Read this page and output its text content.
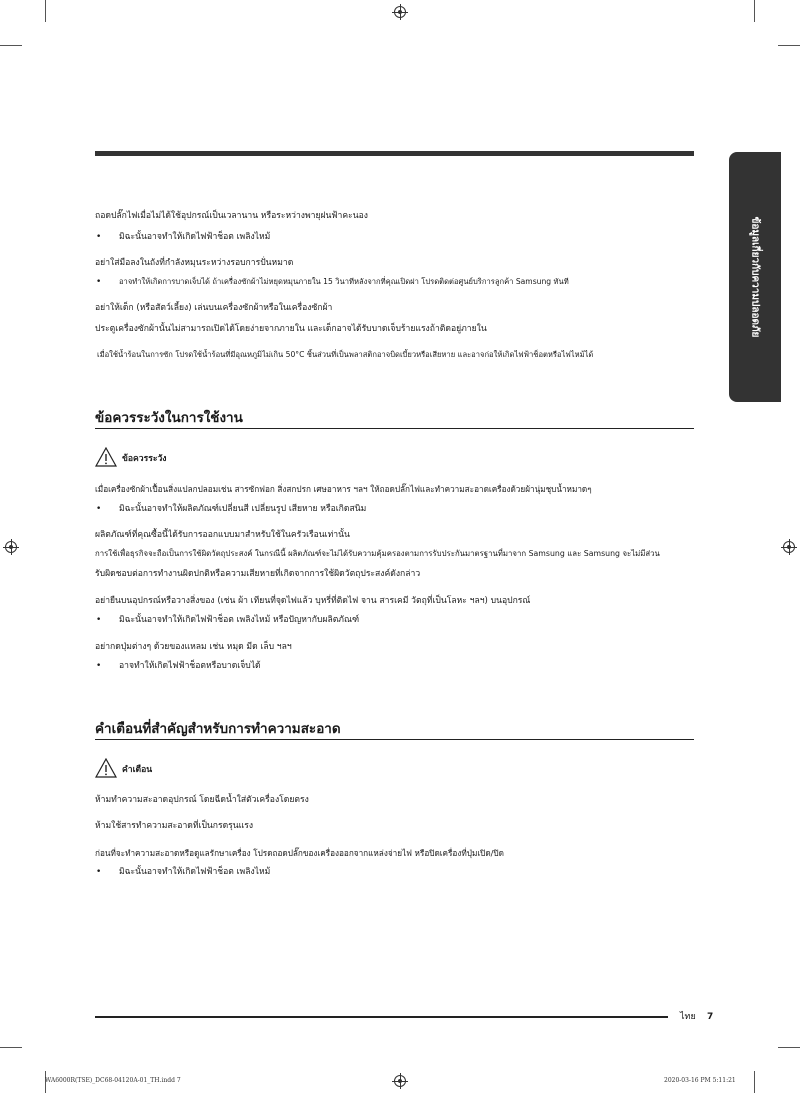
ข้อมูลเกี่ยวกับความปลอดภัย
ถอดปลั๊กไฟเมื่อไม่ได้ใช้อุปกรณ์เป็นเวลานาน หรือระหว่างพายุฝนฟ้าคะนอง
• มิฉะนั้นอาจทำให้เกิดไฟฟ้าช็อต เพลิงไหม้
อย่าใส่มือลงในถังที่กำลังหมุนระหว่างรอบการปั่นหมาด
• อาจทำให้เกิดการบาดเจ็บได้ ถ้าเครื่องซักผ้าไม่หยุดหมุนภายใน 15 วินาทีหลังจากที่คุณเปิดฝา โปรดติดต่อศูนย์บริการลูกค้า Samsung ทันที
อย่าให้เด็ก (หรือสัตว์เลี้ยง) เล่นบนเครื่องซักผ้าหรือในเครื่องซักผ้า
ประตูเครื่องซักผ้านั้นไม่สามารถเปิดได้โดยง่ายจากภายใน และเด็กอาจได้รับบาดเจ็บร้ายแรงถ้าติดอยู่ภายใน
เมื่อใช้น้ำร้อนในการซัก โปรดใช้น้ำร้อนที่มีอุณหภูมิไม่เกิน 50°C ชิ้นส่วนที่เป็นพลาสติกอาจบิดเบี้ยวหรือเสียหาย และอาจก่อให้เกิดไฟฟ้าช็อตหรือไฟไหม้ได้
ข้อควรระวังในการใช้งาน
ข้อควรระวัง
เมื่อเครื่องซักผ้าเปื้อนสิ่งแปลกปลอมเช่น สารซักฟอก สิ่งสกปรก เศษอาหาร ฯลฯ ให้ถอดปลั๊กไฟและทำความสะอาดเครื่องด้วยผ้านุ่มชุบน้ำหมาดๆ
• มิฉะนั้นอาจทำให้ผลิตภัณฑ์เปลี่ยนสี เปลี่ยนรูป เสียหาย หรือเกิดสนิม
ผลิตภัณฑ์ที่คุณซื้อนี้ได้รับการออกแบบมาสำหรับใช้ในครัวเรือนเท่านั้น
การใช้เพื่อธุรกิจจะถือเป็นการใช้ผิดวัตถุประสงค์ ในกรณีนี้ ผลิตภัณฑ์จะไม่ได้รับความคุ้มครองตามการรับประกันมาตรฐานที่มาจาก Samsung และ Samsung จะไม่มีส่วน
รับผิดชอบต่อการทำงานผิดปกติหรือความเสียหายที่เกิดจากการใช้ผิดวัตถุประสงค์ดังกล่าว
อย่ายืนบนอุปกรณ์หรือวางสิ่งของ (เช่น ผ้า เทียนที่จุดไฟแล้ว บุหรี่ที่ติดไฟ จาน สารเคมี วัตถุที่เป็นโลหะ ฯลฯ) บนอุปกรณ์
• มิฉะนั้นอาจทำให้เกิดไฟฟ้าช็อต เพลิงไหม้ หรือปัญหากับผลิตภัณฑ์
อย่ากดปุ่มต่างๆ ด้วยของแหลม เช่น หมุด มีด เล็บ ฯลฯ
• อาจทำให้เกิดไฟฟ้าช็อตหรือบาดเจ็บได้
คำเตือนที่สำคัญสำหรับการทำความสะอาด
คำเตือน
ห้ามทำความสะอาดอุปกรณ์ โดยฉีดน้ำใส่ตัวเครื่องโดยตรง
ห้ามใช้สารทำความสะอาดที่เป็นกรดรุนแรง
ก่อนที่จะทำความสะอาดหรือดูแลรักษาเครื่อง โปรดถอดปลั๊กของเครื่องออกจากแหล่งจ่ายไฟ หรือปิดเครื่องที่ปุ่มเปิด/ปิด
• มิฉะนั้นอาจทำให้เกิดไฟฟ้าช็อต เพลิงไหม้
ไทย 7
WA6000R(TSE)_DC68-04120A-01_TH.indd 7	2020-03-16 PM 5:11:21
